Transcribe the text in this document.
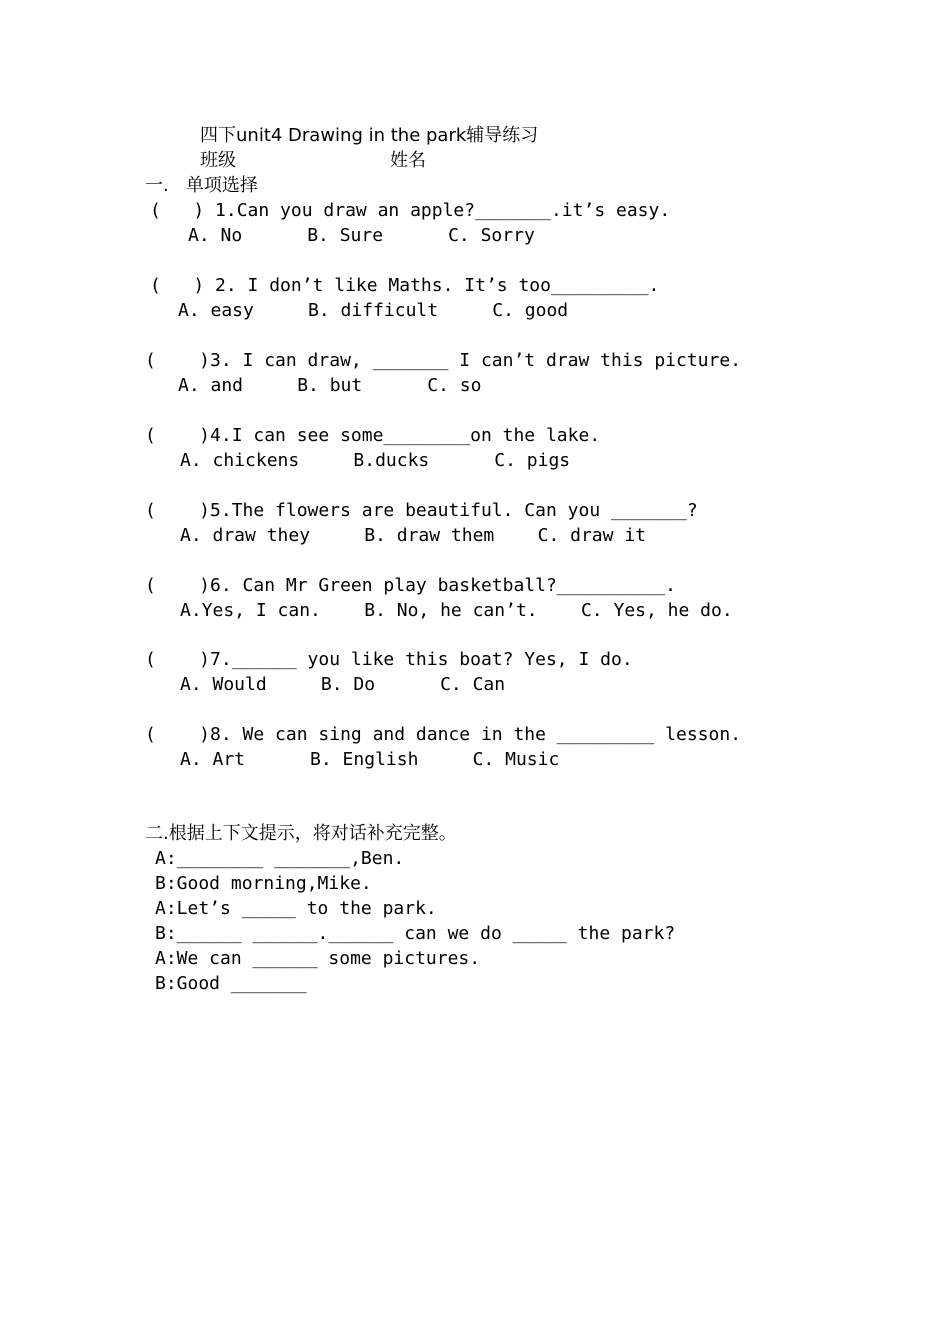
四下unit4 Drawing in the park辅导练习
班级	姓名
一.   单项选择
(   ) 1.Can you draw an apple?_______.it’s easy.
A. No      B. Sure      C. Sorry
(   ) 2. I don’t like Maths. It’s too_________.
A. easy     B. difficult     C. good
(    )3. I can draw, _______ I can’t draw this picture.
A. and     B. but      C. so
(    )4.I can see some________on the lake.
A. chickens     B.ducks      C. pigs
(    )5.The flowers are beautiful. Can you _______?
A. draw they     B. draw them    C. draw it
(    )6. Can Mr Green play basketball?__________.
A.Yes, I can.    B. No, he can’t.    C. Yes, he do.
(    )7.______ you like this boat? Yes, I do.
A. Would     B. Do      C. Can
(    )8. We can sing and dance in the _________ lesson.
A. Art      B. English     C. Music
二.根据上下文提示，将对话补充完整。
A:________ _______,Ben.
B:Good morning,Mike.
A:Let’s _____ to the park.
B:______ ______.______ can we do _____ the park?
A:We can ______ some pictures.
B:Good _______
